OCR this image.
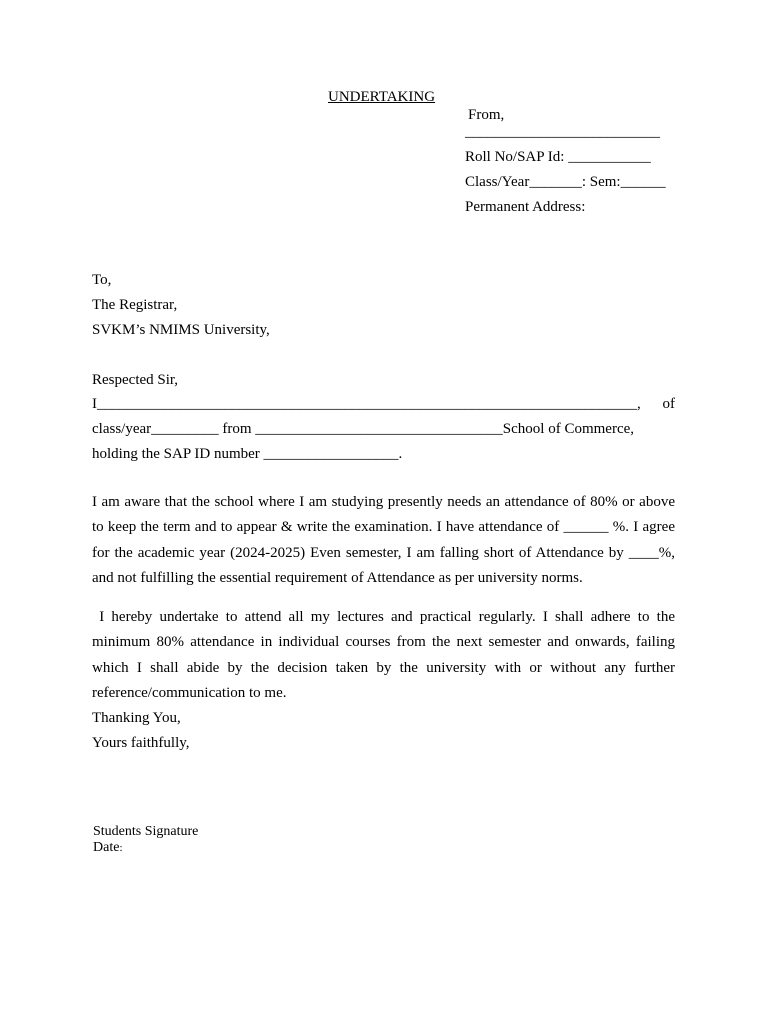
UNDERTAKING
From,
__________________________
Roll No/SAP Id: ___________
Class/Year_______: Sem:______
Permanent Address:
To,
The Registrar,
SVKM’s NMIMS University,
Respected Sir,
I________________________________________________________________________, of
class/year_________ from _________________________________School of Commerce,
holding the SAP ID number __________________.
I am aware that the school where I am studying presently needs an attendance of 80% or above to keep the term and to appear & write the examination. I have attendance of ______ %. I agree for the academic year (2024-2025) Even semester, I am falling short of Attendance by ____%, and not fulfilling the essential requirement of Attendance as per university norms.
I hereby undertake to attend all my lectures and practical regularly. I shall adhere to the minimum 80% attendance in individual courses from the next semester and onwards, failing which I shall abide by the decision taken by the university with or without any further reference/communication to me.
Thanking You,
Yours faithfully,
Students Signature
Date:
